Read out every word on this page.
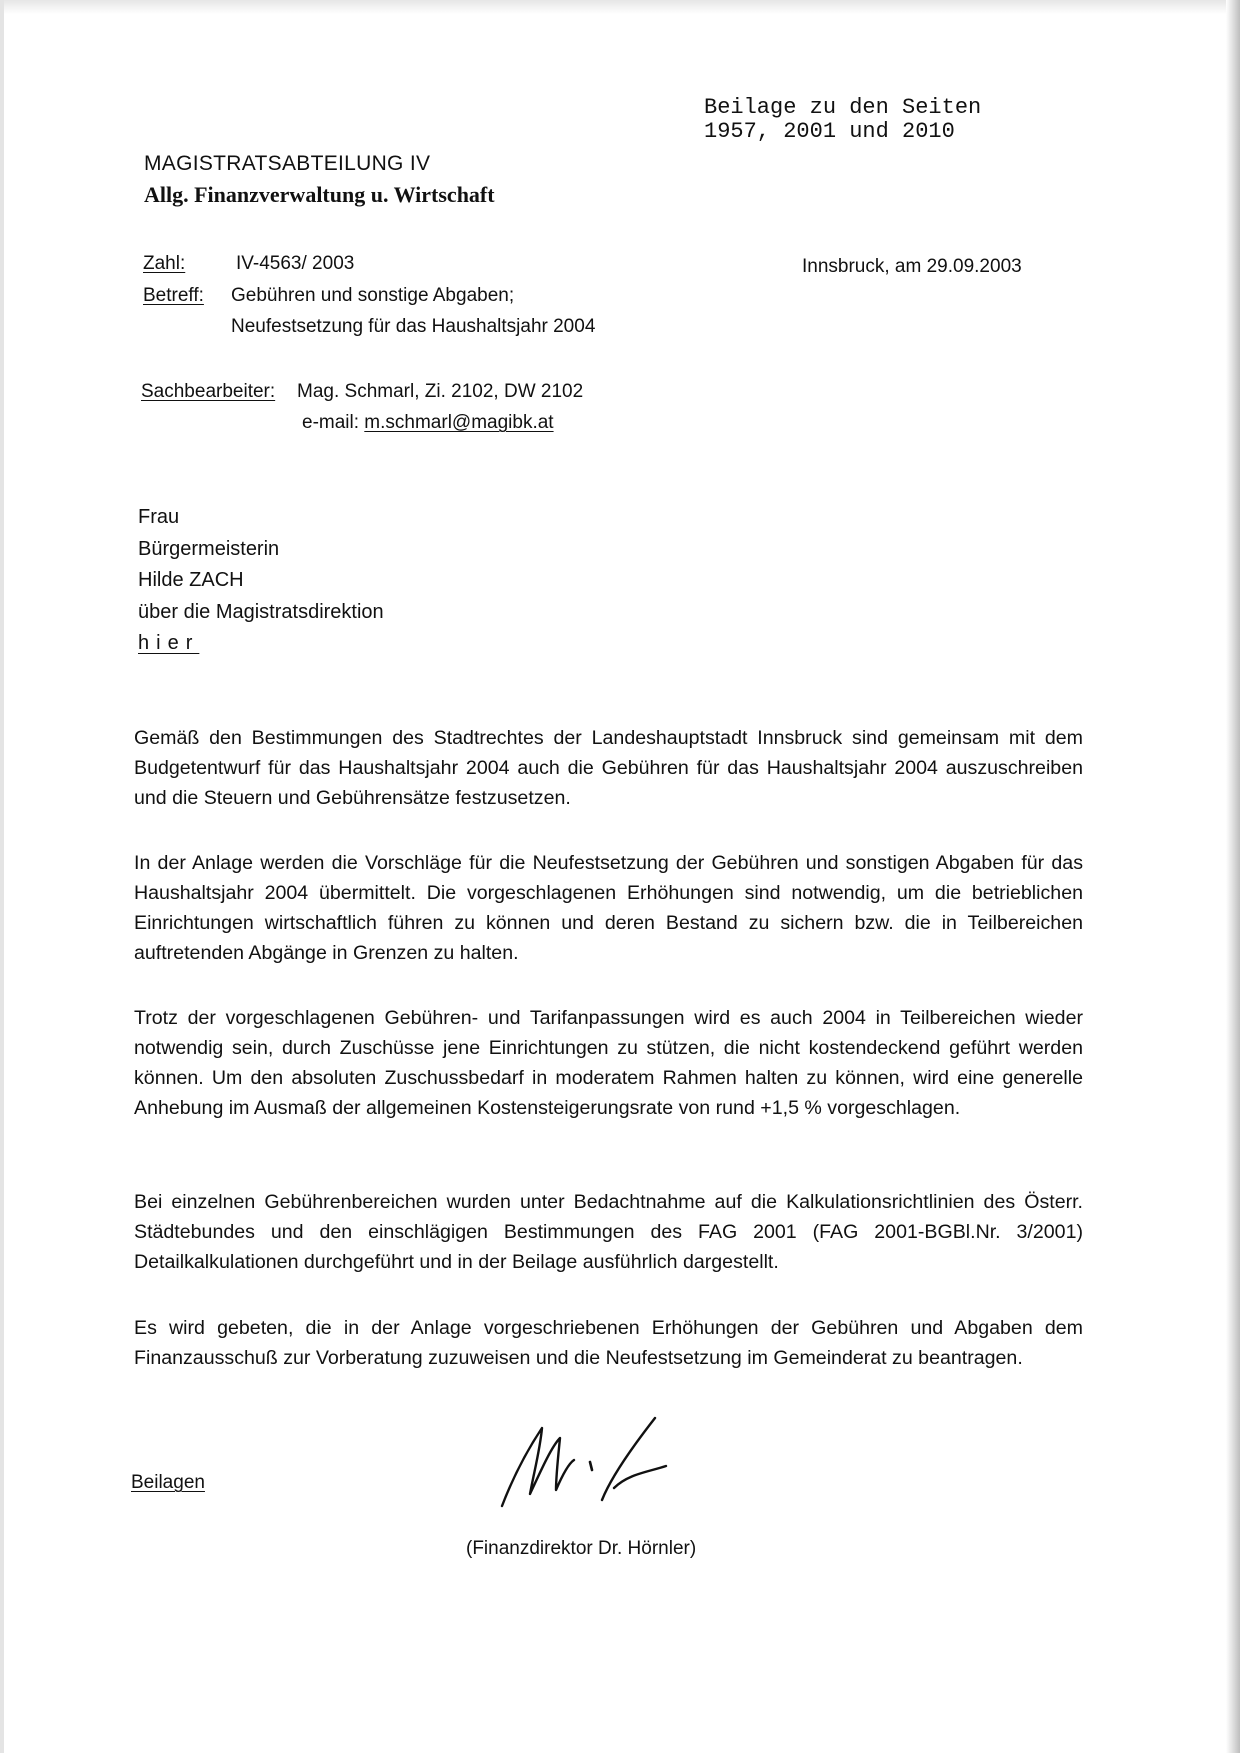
Beilage zu den Seiten
1957, 2001 und 2010
MAGISTRATSABTEILUNG IV
Allg. Finanzverwaltung u. Wirtschaft
Zahl:	IV-4563/ 2003	Innsbruck, am 29.09.2003
Betreff: Gebühren und sonstige Abgaben;
Neufestsetzung für das Haushaltsjahr 2004
Sachbearbeiter: Mag. Schmarl, Zi. 2102, DW 2102
e-mail: m.schmarl@magibk.at
Frau
Bürgermeisterin
Hilde ZACH
über die Magistratsdirektion
hier
Gemäß den Bestimmungen des Stadtrechtes der Landeshauptstadt Innsbruck sind gemeinsam mit dem Budgetentwurf für das Haushaltsjahr 2004 auch die Gebühren für das Haushaltsjahr 2004 auszuschreiben und die Steuern und Gebührensätze festzusetzen.
In der Anlage werden die Vorschläge für die Neufestsetzung der Gebühren und sonstigen Abgaben für das Haushaltsjahr 2004 übermittelt. Die vorgeschlagenen Erhöhungen sind notwendig, um die betrieblichen Einrichtungen wirtschaftlich führen zu können und deren Bestand zu sichern bzw. die in Teilbereichen auftretenden Abgänge in Grenzen zu halten.
Trotz der vorgeschlagenen Gebühren- und Tarifanpassungen wird es auch 2004 in Teilbereichen wieder notwendig sein, durch Zuschüsse jene Einrichtungen zu stützen, die nicht kostendeckend geführt werden können. Um den absoluten Zuschussbedarf in moderatem Rahmen halten zu können, wird eine generelle Anhebung im Ausmaß der allgemeinen Kostensteigerungsrate von rund +1,5 % vorgeschlagen.
Bei einzelnen Gebührenbereichen wurden unter Bedachtnahme auf die Kalkulationsrichtlinien des Österr. Städtebundes und den einschlägigen Bestimmungen des FAG 2001 (FAG 2001-BGBl.Nr. 3/2001) Detailkalkulationen durchgeführt und in der Beilage ausführlich dargestellt.
Es wird gebeten, die in der Anlage vorgeschriebenen Erhöhungen der Gebühren und Abgaben dem Finanzausschuß zur Vorberatung zuzuweisen und die Neufestsetzung im Gemeinderat zu beantragen.
Beilagen
(Finanzdirektor Dr. Hörnler)
